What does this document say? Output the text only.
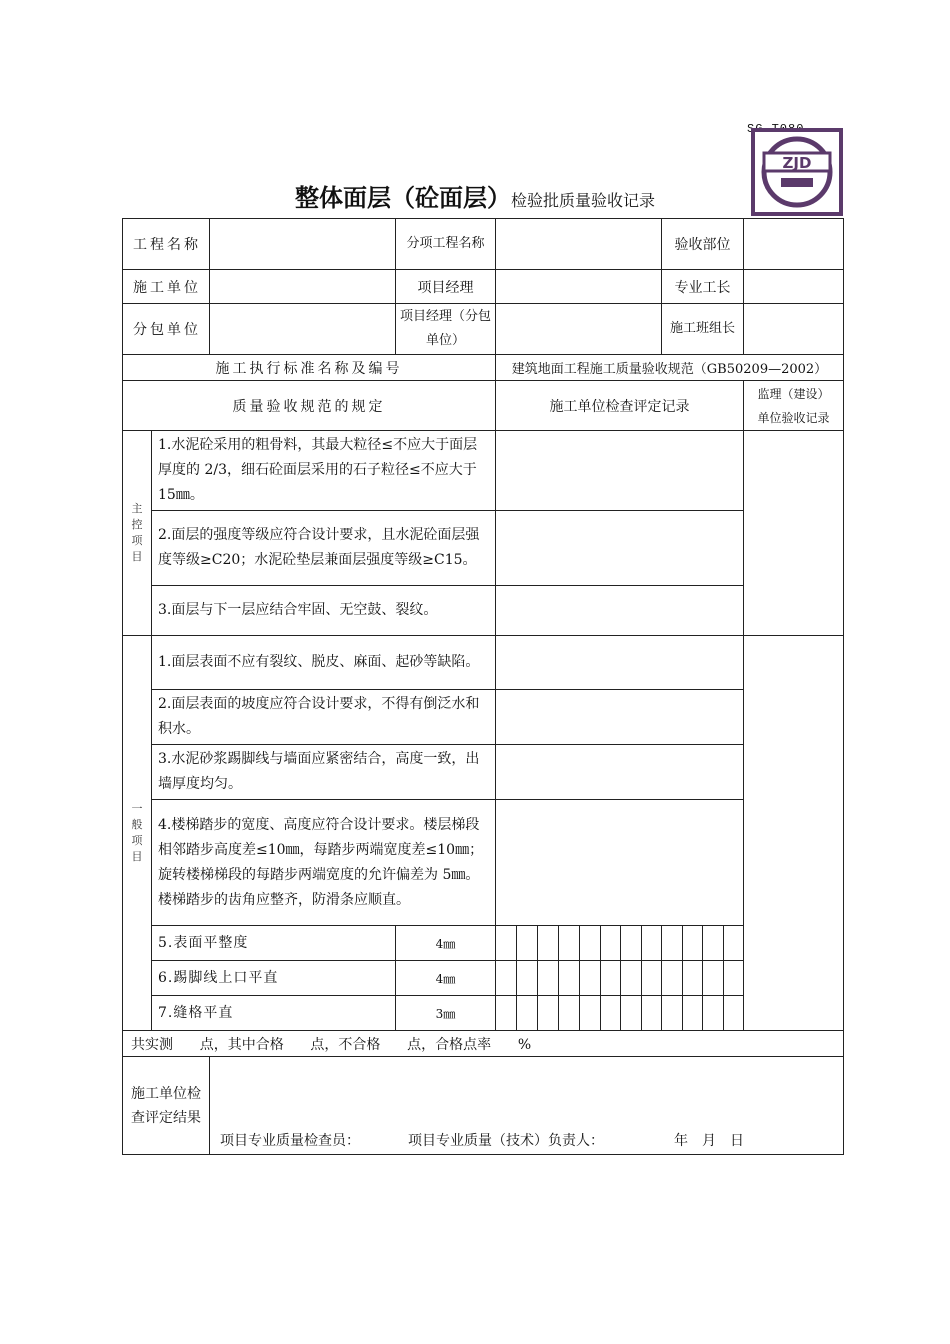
SG-T080
ZJD
整体面层（砼面层）检验批质量验收记录
工程名称			分项工程名称									验收部位				
施工单位			项目经理									专业工长				
分包单位			项目经理（分包单位）									施工班组长				
施工执行标准名称及编号				建筑地面工程施工质量验收规范（GB50209—2002）												
质量验收规范的规定				施工单位检查评定记录												监理（建设）
单位验收记录

主
控
项
目	1.水泥砼采用的粗骨料，其最大粒径≤不应大于面层厚度的 2/3，细石砼面层采用的石子粒径≤不应大于 15㎜。															
	2.面层的强度等级应符合设计要求，且水泥砼面层强度等级≥C20；水泥砼垫层兼面层强度等级≥C15。															
	3.面层与下一层应结合牢固、无空鼓、裂纹。															

一
般
项
目	1.面层表面不应有裂纹、脱皮、麻面、起砂等缺陷。															
	2.面层表面的坡度应符合设计要求，不得有倒泛水和积水。															
	3.水泥砂浆踢脚线与墙面应紧密结合，高度一致，出墙厚度均匀。															
	4.楼梯踏步的宽度、高度应符合设计要求。楼层梯段相邻踏步高度差≤10㎜，每踏步两端宽度差≤10㎜；旋转楼梯梯段的每踏步两端宽度的允许偏差为 5㎜。楼梯踏步的齿角应整齐，防滑条应顺直。															
	5.表面平整度		4㎜													
	6.踢脚线上口平直		4㎜													
	7.缝格平直		3㎜													
共实测 点，其中合格 点，不合格 点，合格点率 %																
施工单位检查评定结果		项目专业质量检查员： 项目专业质量（技术）负责人： 年　月　日														
